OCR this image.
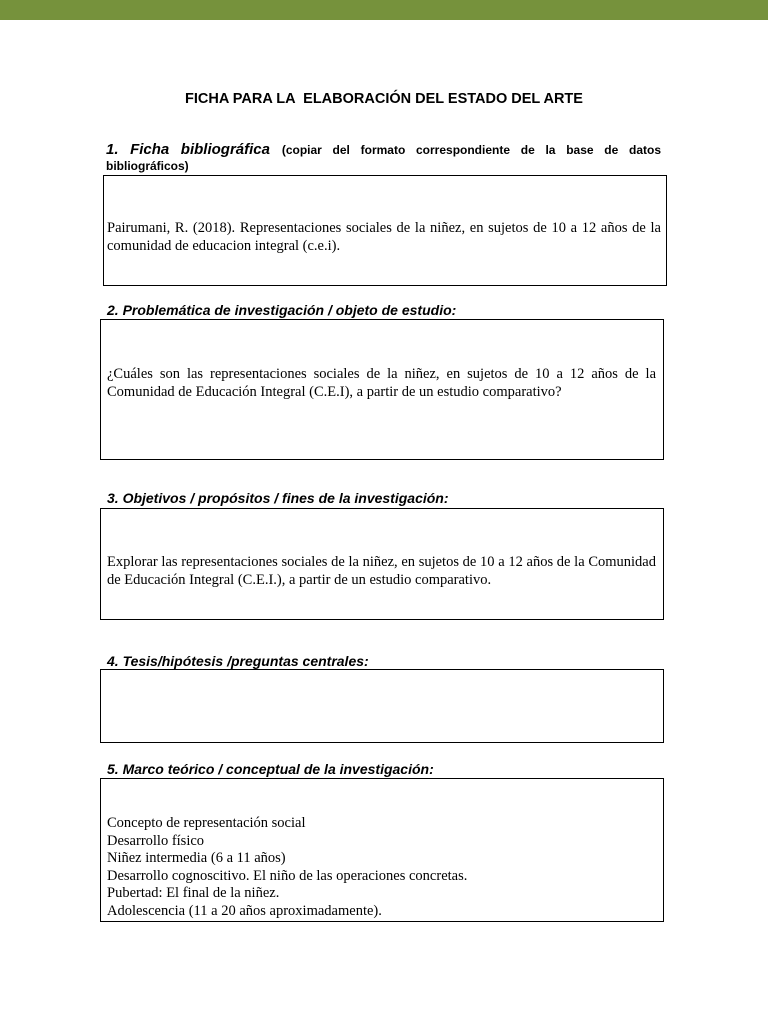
FICHA PARA LA  ELABORACIÓN DEL ESTADO DEL ARTE
1. Ficha bibliográfica (copiar del formato correspondiente de la base de datos bibliográficos)
Pairumani, R. (2018). Representaciones sociales de la niñez, en sujetos de 10 a 12 años de la comunidad de educacion integral (c.e.i).
2. Problemática de investigación / objeto de estudio:
¿Cuáles son las representaciones sociales de la niñez, en sujetos de 10 a 12 años de la Comunidad de Educación Integral (C.E.I), a partir de un estudio comparativo?
3. Objetivos / propósitos / fines de la investigación:
Explorar las representaciones sociales de la niñez, en sujetos de 10 a 12 años de la Comunidad de Educación Integral (C.E.I.), a partir de un estudio comparativo.
4. Tesis/hipótesis /preguntas centrales:
5. Marco teórico / conceptual de la investigación:
Concepto de representación social
Desarrollo físico
Niñez intermedia (6 a 11 años)
Desarrollo cognoscitivo. El niño de las operaciones concretas.
Pubertad: El final de la niñez.
Adolescencia (11 a 20 años aproximadamente).
